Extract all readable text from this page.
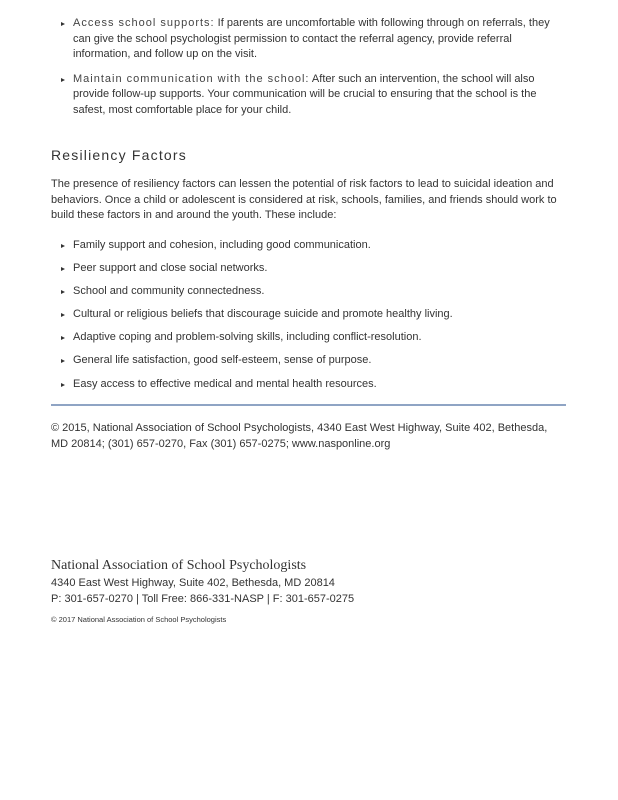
Access school supports: If parents are uncomfortable with following through on referrals, they can give the school psychologist permission to contact the referral agency, provide referral information, and follow up on the visit.
Maintain communication with the school: After such an intervention, the school will also provide follow-up supports. Your communication will be crucial to ensuring that the school is the safest, most comfortable place for your child.
Resiliency Factors

The presence of resiliency factors can lessen the potential of risk factors to lead to suicidal ideation and behaviors. Once a child or adolescent is considered at risk, schools, families, and friends should work to build these factors in and around the youth. These include:

Family support and cohesion, including good communication.
Peer support and close social networks.
School and community connectedness.
Cultural or religious beliefs that discourage suicide and promote healthy living.
Adaptive coping and problem-solving skills, including conflict-resolution.
General life satisfaction, good self-esteem, sense of purpose.
Easy access to effective medical and mental health resources.

© 2015, National Association of School Psychologists, 4340 East West Highway, Suite 402, Bethesda, MD 20814; (301) 657-0270, Fax (301) 657-0275; www.nasponline.org

National Association of School Psychologists

4340 East West Highway, Suite 402, Bethesda, MD 20814
P: 301-657-0270 | Toll Free: 866-331-NASP | F: 301-657-0275
© 2017 National Association of School Psychologists
